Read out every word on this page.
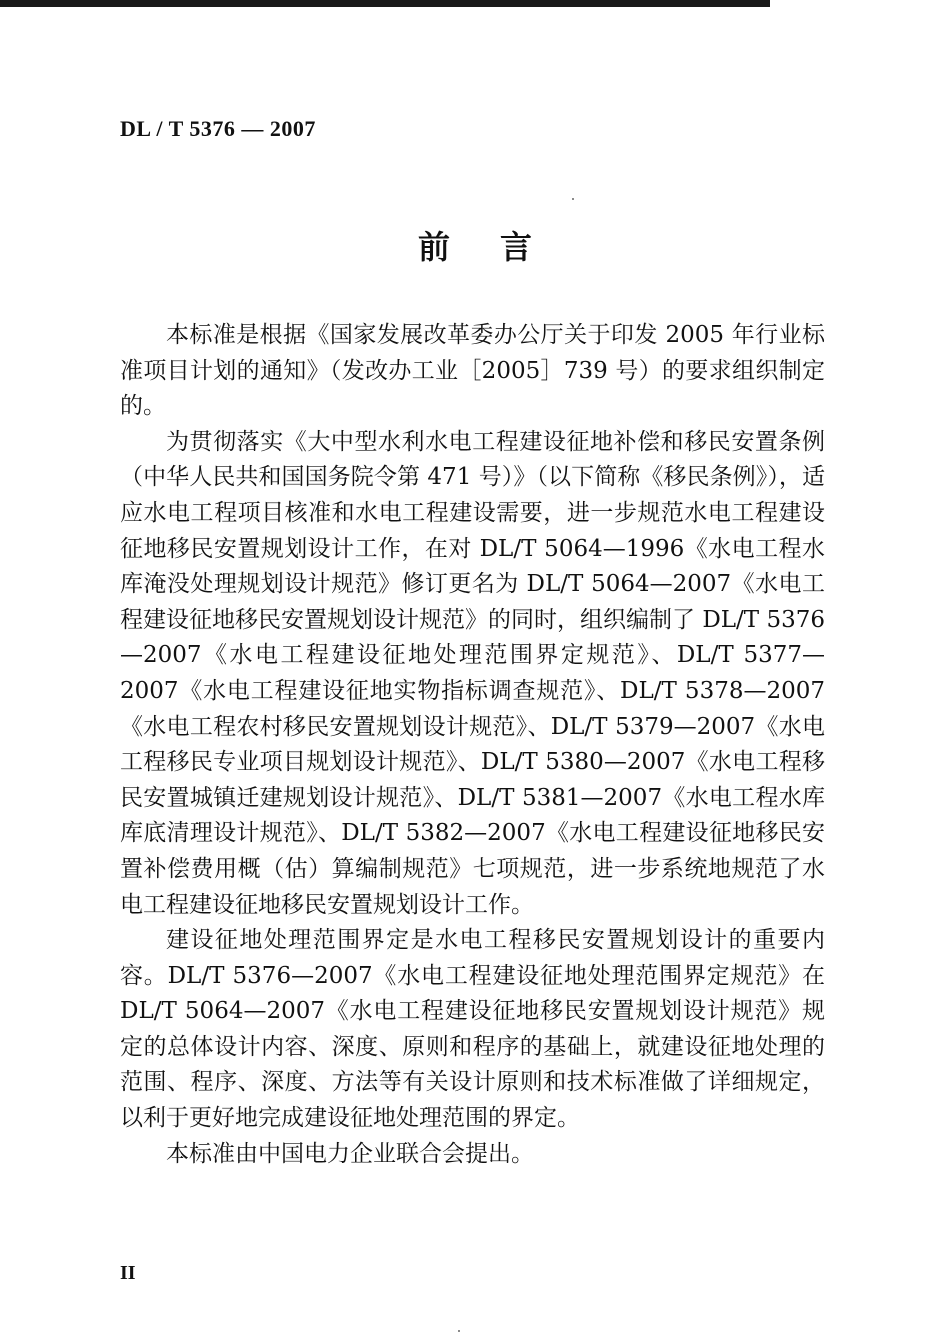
DL / T 5376 — 2007
前言

本标准是根据《国家发展改革委办公厅关于印发 2005 年行业标准项目计划的通知》（发改办工业［2005］739 号）的要求组织制定的。

为贯彻落实《大中型水利水电工程建设征地补偿和移民安置条例（中华人民共和国国务院令第 471 号）》（以下简称《移民条例》），适应水电工程项目核准和水电工程建设需要，进一步规范水电工程建设征地移民安置规划设计工作，在对 DL/T 5064—1996《水电工程水库淹没处理规划设计规范》修订更名为 DL/T 5064—2007《水电工程建设征地移民安置规划设计规范》的同时，组织编制了 DL/T 5376—2007《水电工程建设征地处理范围界定规范》、DL/T 5377—2007《水电工程建设征地实物指标调查规范》、DL/T 5378—2007《水电工程农村移民安置规划设计规范》、DL/T 5379—2007《水电工程移民专业项目规划设计规范》、DL/T 5380—2007《水电工程移民安置城镇迁建规划设计规范》、DL/T 5381—2007《水电工程水库库底清理设计规范》、DL/T 5382—2007《水电工程建设征地移民安置补偿费用概（估）算编制规范》七项规范，进一步系统地规范了水电工程建设征地移民安置规划设计工作。

建设征地处理范围界定是水电工程移民安置规划设计的重要内容。DL/T 5376—2007《水电工程建设征地处理范围界定规范》在 DL/T 5064—2007《水电工程建设征地移民安置规划设计规范》规定的总体设计内容、深度、原则和程序的基础上，就建设征地处理的范围、程序、深度、方法等有关设计原则和技术标准做了详细规定，以利于更好地完成建设征地处理范围的界定。

本标准由中国电力企业联合会提出。

II
